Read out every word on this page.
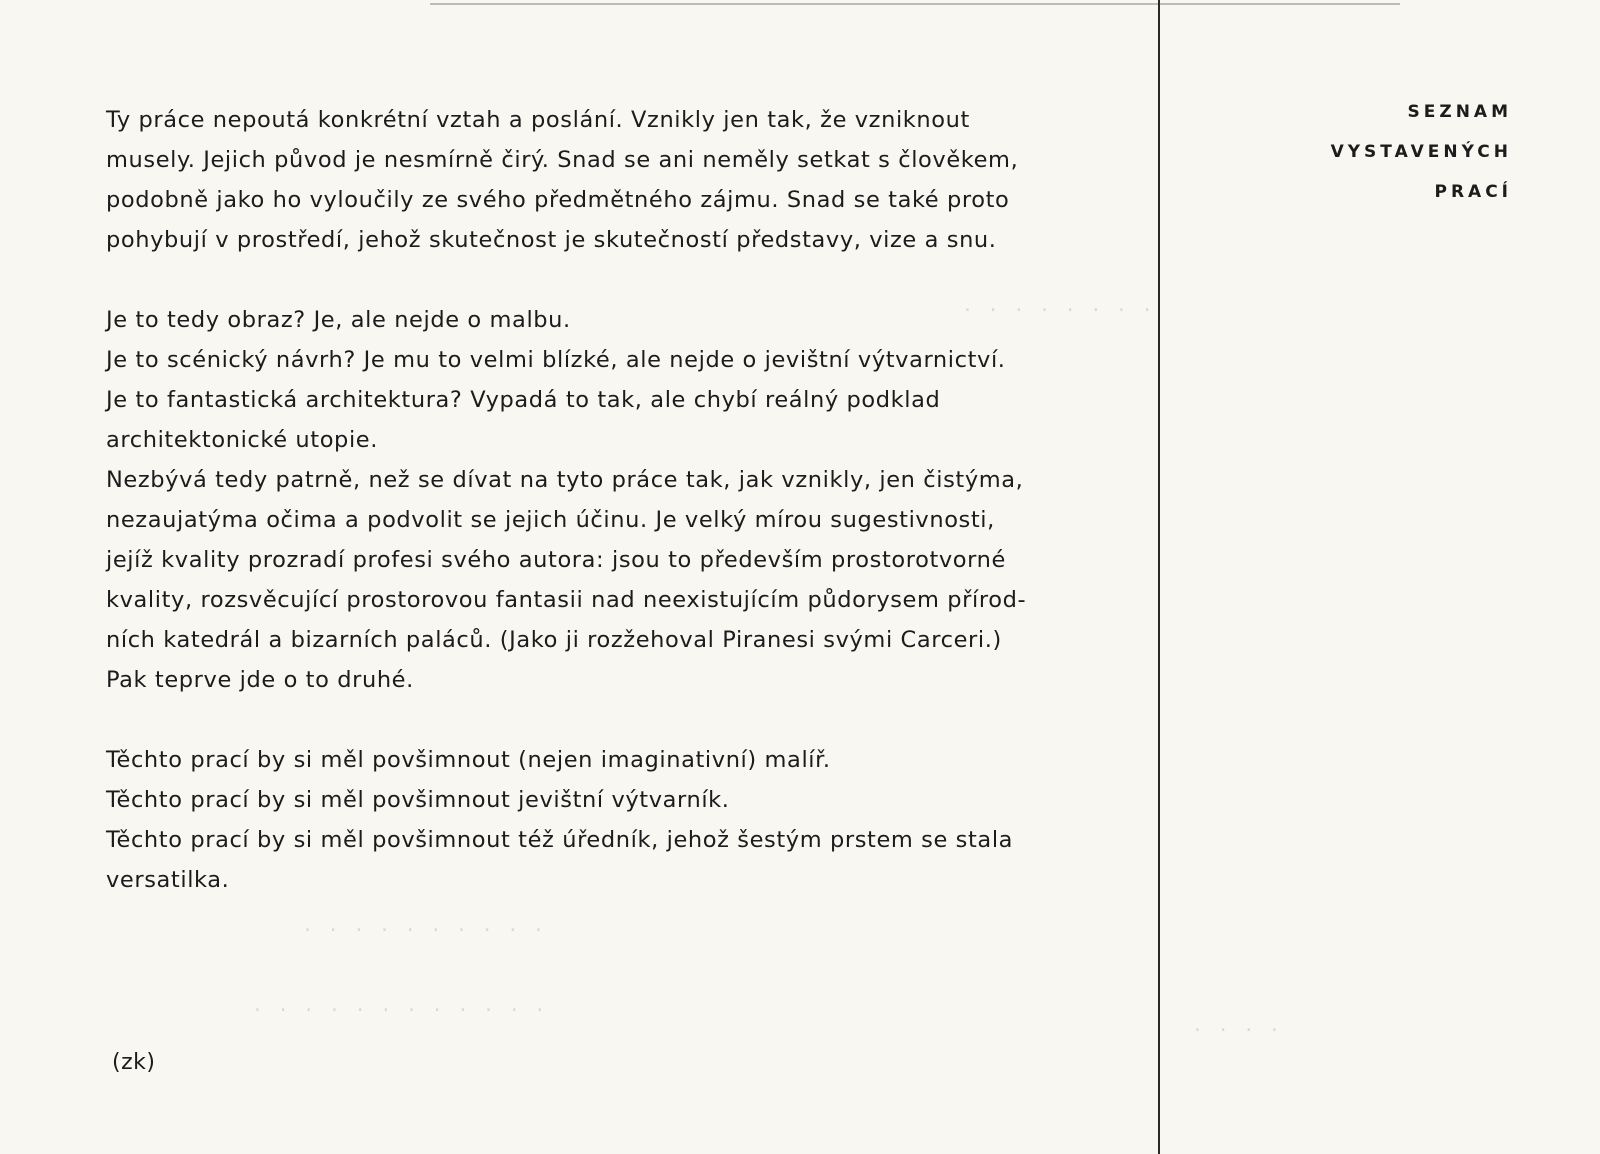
· · · · · · · ·
· · · · · · · · · ·
· · · · · · · · · · · ·
· · · ·

Ty práce nepoutá konkrétní vztah a poslání. Vznikly jen tak, že vzniknout
musely. Jejich původ je nesmírně čirý. Snad se ani neměly setkat s člověkem,
podobně jako ho vyloučily ze svého předmětného zájmu. Snad se také proto
pohybují v prostředí, jehož skutečnost je skutečností představy, vize a snu.

Je to tedy obraz? Je, ale nejde o malbu.
Je to scénický návrh? Je mu to velmi blízké, ale nejde o jevištní výtvarnictví.
Je to fantastická architektura? Vypadá to tak, ale chybí reálný podklad
architektonické utopie.
Nezbývá tedy patrně, než se dívat na tyto práce tak, jak vznikly, jen čistýma,
nezaujatýma očima a podvolit se jejich účinu. Je velký mírou sugestivnosti,
jejíž kvality prozradí profesi svého autora: jsou to především prostorotvorné
kvality, rozsvěcující prostorovou fantasii nad neexistujícím půdorysem přírod-
ních katedrál a bizarních paláců. (Jako ji rozžehoval Piranesi svými Carceri.)
Pak teprve jde o to druhé.

Těchto prací by si měl povšimnout (nejen imaginativní) malíř.
Těchto prací by si měl povšimnout jevištní výtvarník.
Těchto prací by si měl povšimnout též úředník, jehož šestým prstem se stala
versatilka.

(zk)
SEZNAM
VYSTAVENÝCH
PRACÍ
